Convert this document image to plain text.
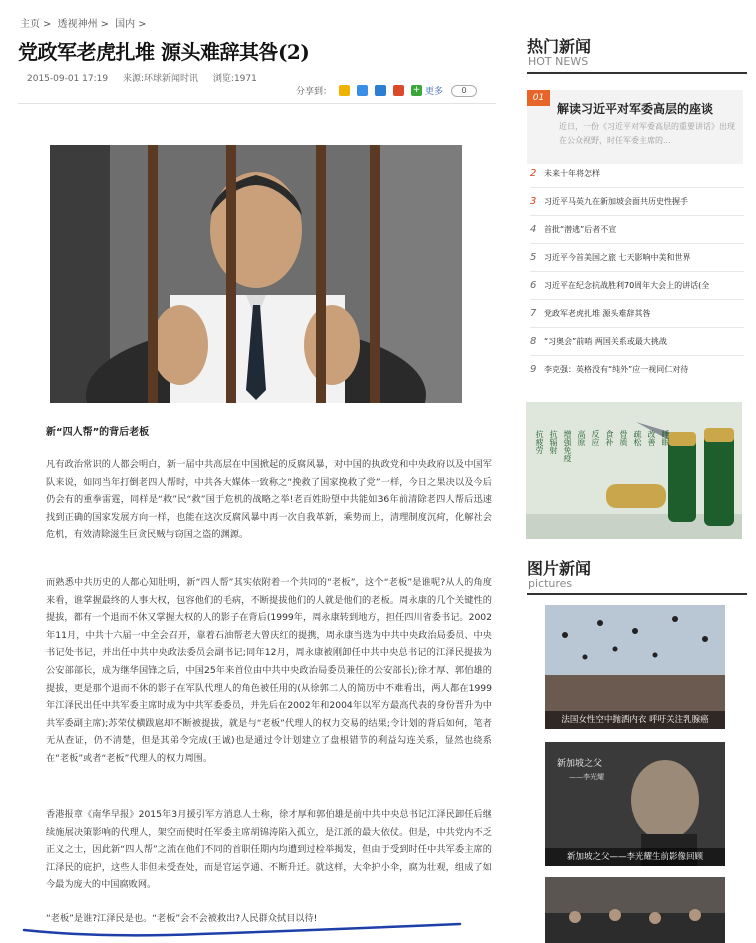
主页 > 透视神州 > 国内 >
党政军老虎扎堆 源头难辞其咎(2)
2015-09-01 17:19 来源:环球新闻时讯 浏览:1971
分享到：	+ 更多	0
新“四人帮”的背后老板
凡有政治常识的人都会明白，新一届中共高层在中国掀起的反腐风暴，对中国的执政党和中央政府以及中国军队来说，如同当年打倒老四人帮时，中共各大媒体一致称之“挽救了国家挽救了党”一样，今日之果决以及今后仍会有的重拳雷霆，同样是“救”民“救”国于危机的战略之举!老百姓盼望中共能如36年前清除老四人帮后迅速找到正确的国家发展方向一样，也能在这次反腐风暴中再一次自我革新，乘势而上，清理制度沉疴，化解社会危机，有效清除滋生巨贪民贼与窃国之盗的渊源。
而熟悉中共历史的人都心知肚明，新“四人帮”其实依附着一个共同的“老板”，这个“老板”是谁呢?从人的角度来看，谁掌握最终的人事大权，包容他们的毛病，不断提拔他们的人就是他们的老板。周永康的几个关键性的提拔，都有一个退而不休又掌握大权的人的影子在背后(1999年，周永康转到地方，担任四川省委书记。2002年11月，中共十六届一中全会召开，靠着石油帮老大曾庆红的提携，周永康当选为中共中央政治局委员、中央书记处书记，并出任中共中央政法委员会副书记;同年12月，周永康被刚卸任中共中央总书记的江泽民提拔为公安部部长，成为继华国锋之后，中国25年来首位由中共中央政治局委员兼任的公安部长);徐才厚、郭伯雄的提拔，更是那个退而不休的影子在军队代理人的角色被任用的(从徐郭二人的简历中不难看出，两人都在1999年江泽民出任中共军委主席时成为中共军委委员，并先后在2002年和2004年以军方最高代表的身份晋升为中共军委副主席);苏荣仗横跋扈却不断被提拔，就是与“老板”代理人的权力交易的结果;令计划的背后如何，笔者无从查证，仍不清楚，但是其弟令完成(王诚)也是通过令计划建立了盘根错节的利益勾连关系，显然也绕系在“老板”或者“老板”代理人的权力周围。
香港报章《南华早报》2015年3月援引军方消息人士称，徐才厚和郭伯雄是前中共中央总书记江泽民卸任后继续施展决策影响的代理人，架空而使时任军委主席胡锦涛陷入孤立，是江派的最大依仗。但是，中共党内不乏正义之士，因此新“四人帮”之流在他们不同的首职任期内均遭到过检举揭发，但由于受到时任中共军委主席的江泽民的庇护，这些人非但未受查处，而是官运亨通、不断升迁。就这样，大伞护小伞，腐为壮观，组成了如今最为庞大的中国腐败网。
“老板”是谁?江泽民是也。“老板”会不会被救出?人民群众拭目以待!
热门新闻
HOT NEWS
01
解读习近平对军委高层的座谈
近日，一份《习近平对军委高层的重要讲话》出现在公众视野，时任军委主席的...
2 未来十年将怎样
3 习近平马英九在新加坡会面共历史性握手
4 首批“潜逃”后者不宣
5 习近平今首美国之旅 七天影响中美和世界
6 习近平在纪念抗战胜利70周年大会上的讲话(全
7 党政军老虎扎堆 源头难辞其咎
8 “习奥会”前哨 两国关系或最大挑战
9 李克强：英格没有“纯外”应一视同仁对待
抗疲劳 抗辐射 增强免疫 高原 反应 食补 骨质 疏松 改善 睡眠
图片新闻
pictures
法国女性空中抛洒内衣 呼吁关注乳腺癌
新加坡之父
——李光耀
新加坡之父——李光耀生前影像回顾
